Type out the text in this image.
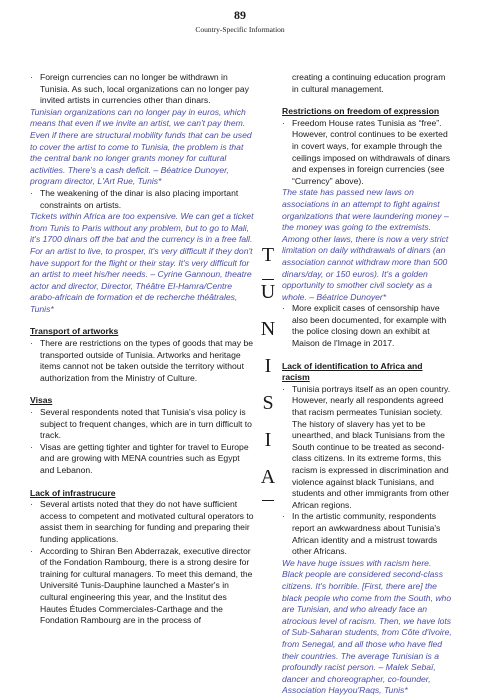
89
Country-Specific Information

· Foreign currencies can no longer be withdrawn in Tunisia. As such, local organizations can no longer pay invited artists in currencies other than dinars.

Tunisian organizations can no longer pay in euros, which means that even if we invite an artist, we can't pay them. Even if there are structural mobility funds that can be used to cover the artist to come to Tunisia, the problem is that the central bank no longer grants money for cultural activities. There's a cash deficit. – Béatrice Dunoyer, program director, L'Art Rue, Tunis*

· The weakening of the dinar is also placing important constraints on artists.

Tickets within Africa are too expensive. We can get a ticket from Tunis to Paris without any problem, but to go to Mali, it's 1700 dinars off the bat and the currency is in a free fall. For an artist to live, to prosper, it's very difficult if they don't have support for the flight or their stay. It's very difficult for an artist to meet his/her needs. – Cyrine Gannoun, theatre actor and director, Director, Théâtre El-Hamra/Centre arabo-africain de formation et de recherche théâtrales, Tunis*

Transport of artworks

· There are restrictions on the types of goods that may be transported outside of Tunisia. Artworks and heritage items cannot not be taken outside the territory without authorization from the Ministry of Culture.

Visas

· Several respondents noted that Tunisia's visa policy is subject to frequent changes, which are in turn difficult to track.

· Visas are getting tighter and tighter for travel to Europe and are growing with MENA countries such as Egypt and Lebanon.

Lack of infrastrucure

· Several artists noted that they do not have sufficient access to competent and motivated cultural operators to assist them in searching for funding and preparing their funding applications.

· According to Shiran Ben Abderrazak, executive director of the Fondation Rambourg, there is a strong desire for training for cultural managers. To meet this demand, the Université Tunis-Dauphine launched a Master's in cultural engineering this year, and the Institut des Hautes Études Commerciales-Carthage and the Fondation Rambourg are in the process of

T
U
N
I
S
I
A

creating a continuing education program in cultural management.

Restrictions on freedom of expression

· Freedom House rates Tunisia as “free”. However, control continues to be exerted in covert ways, for example through the ceilings imposed on withdrawals of dinars and expenses in foreign currencies (see “Currency” above).

The state has passed new laws on associations in an attempt to fight against organizations that were laundering money – the money was going to the extremists. Among other laws, there is now a very strict limitation on daily withdrawals of dinars (an association cannot withdraw more than 500 dinars/day, or 150 euros). It's a golden opportunity to smother civil society as a whole. – Béatrice Dunoyer*

· More explicit cases of censorship have also been documented, for example with the police closing down an exhibit at Maison de l'Image in 2017.

Lack of identification to Africa and racism

· Tunisia portrays itself as an open country. However, nearly all respondents agreed that racism permeates Tunisian society. The history of slavery has yet to be unearthed, and black Tunisians from the South continue to be treated as second-class citizens. In its extreme forms, this racism is expressed in discrimination and violence against black Tunisians, and students and other immigrants from other African regions.

· In the artistic community, respondents report an awkwardness about Tunisia's African identity and a mistrust towards other Africans.

We have huge issues with racism here. Black people are considered second-class citizens. It's horrible. [First, there are] the black people who come from the South, who are Tunisian, and who already face an atrocious level of racism. Then, we have lots of Sub-Saharan students, from Côte d'Ivoire, from Senegal, and all those who have fled their countries. The average Tunisian is a profoundly racist person. – Malek Sebaï, dancer and choreographer, co-founder, Association Hayyou'Raqs, Tunis*
